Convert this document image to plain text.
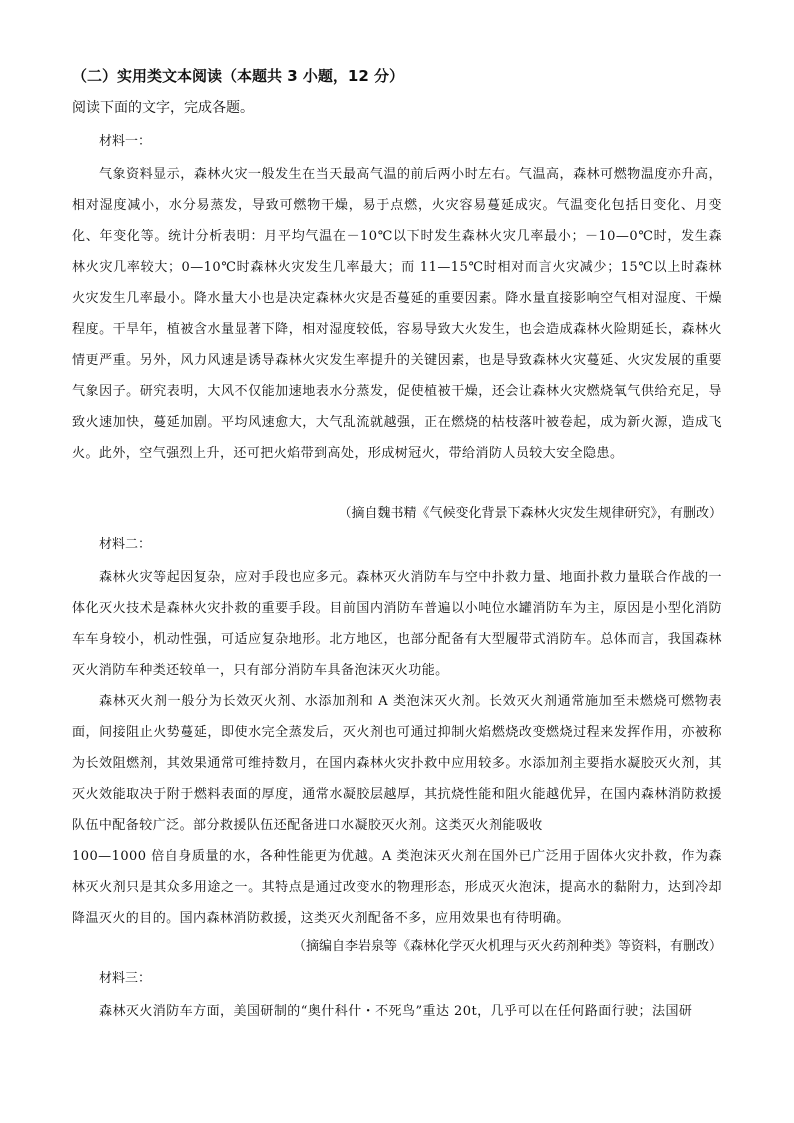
（二）实用类文本阅读（本题共 3 小题，12 分）
阅读下面的文字，完成各题。
材料一：

气象资料显示，森林火灾一般发生在当天最高气温的前后两小时左右。气温高，森林可燃物温度亦升高，相对湿度减小，水分易蒸发，导致可燃物干燥，易于点燃，火灾容易蔓延成灾。气温变化包括日变化、月变化、年变化等。统计分析表明：月平均气温在－10℃以下时发生森林火灾几率最小；－10—0℃时，发生森林火灾几率较大；0—10℃时森林火灾发生几率最大；而 11—15℃时相对而言火灾减少；15℃以上时森林火灾发生几率最小。降水量大小也是决定森林火灾是否蔓延的重要因素。降水量直接影响空气相对湿度、干燥程度。干旱年，植被含水量显著下降，相对湿度较低，容易导致大火发生，也会造成森林火险期延长，森林火情更严重。另外，风力风速是诱导森林火灾发生率提升的关键因素，也是导致森林火灾蔓延、火灾发展的重要气象因子。研究表明，大风不仅能加速地表水分蒸发，促使植被干燥，还会让森林火灾燃烧氧气供给充足，导致火速加快，蔓延加剧。平均风速愈大，大气乱流就越强，正在燃烧的枯枝落叶被卷起，成为新火源，造成飞火。此外，空气强烈上升，还可把火焰带到高处，形成树冠火，带给消防人员较大安全隐患。

（摘自魏书精《气候变化背景下森林火灾发生规律研究》，有删改）
材料二：

森林火灾等起因复杂，应对手段也应多元。森林灭火消防车与空中扑救力量、地面扑救力量联合作战的一体化灭火技术是森林火灾扑救的重要手段。目前国内消防车普遍以小吨位水罐消防车为主，原因是小型化消防车车身较小，机动性强，可适应复杂地形。北方地区，也部分配备有大型履带式消防车。总体而言，我国森林灭火消防车种类还较单一，只有部分消防车具备泡沫灭火功能。

森林灭火剂一般分为长效灭火剂、水添加剂和 A 类泡沫灭火剂。长效灭火剂通常施加至未燃烧可燃物表面，间接阻止火势蔓延，即使水完全蒸发后，灭火剂也可通过抑制火焰燃烧改变燃烧过程来发挥作用，亦被称为长效阻燃剂，其效果通常可维持数月，在国内森林火灾扑救中应用较多。水添加剂主要指水凝胶灭火剂，其灭火效能取决于附于燃料表面的厚度，通常水凝胶层越厚，其抗烧性能和阻火能越优异，在国内森林消防救援队伍中配备较广泛。部分救援队伍还配备进口水凝胶灭火剂。这类灭火剂能吸收

100—1000 倍自身质量的水，各种性能更为优越。A 类泡沫灭火剂在国外已广泛用于固体火灾扑救，作为森林灭火剂只是其众多用途之一。其特点是通过改变水的物理形态，形成灭火泡沫，提高水的黏附力，达到冷却降温灭火的目的。国内森林消防救援，这类灭火剂配备不多，应用效果也有待明确。

（摘编自李岩泉等《森林化学灭火机理与灭火药剂种类》等资料，有删改）
材料三：

森林灭火消防车方面，美国研制的“奥什科什・不死鸟”重达 20t，几乎可以在任何路面行驶；法国研
